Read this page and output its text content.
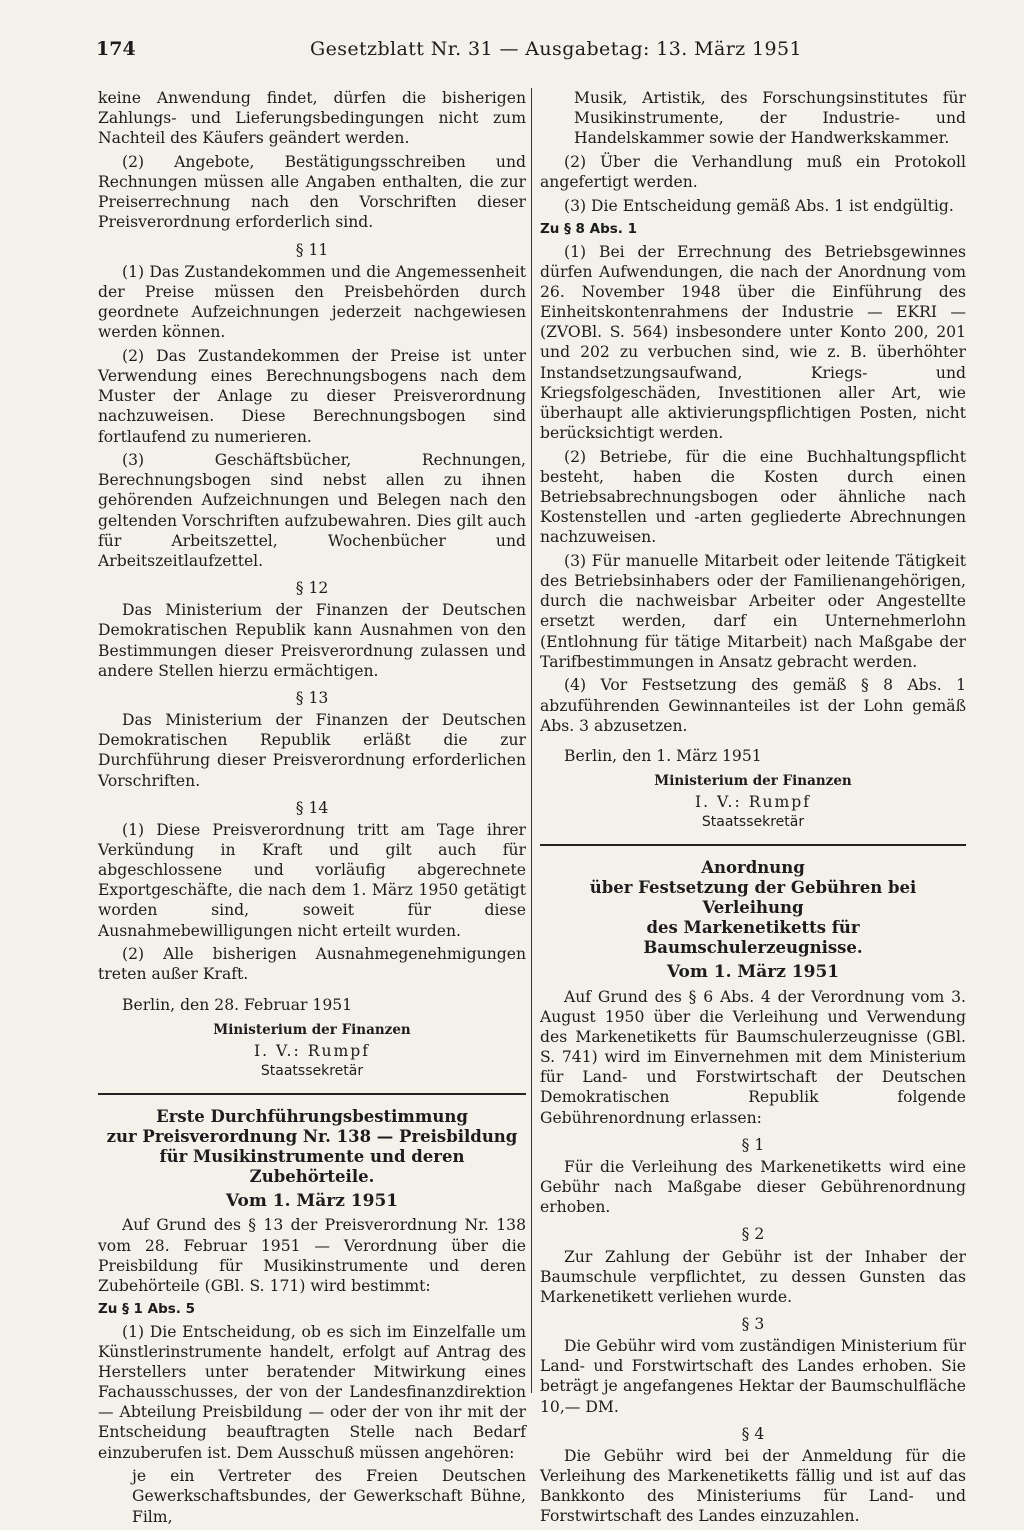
174	Gesetzblatt Nr. 31 — Ausgabetag: 13. März 1951

keine Anwendung findet, dürfen die bisherigen Zahlungs- und Lieferungsbedingungen nicht zum Nachteil des Käufers geändert werden.

(2) Angebote, Bestätigungsschreiben und Rechnungen müssen alle Angaben enthalten, die zur Preiserrechnung nach den Vorschriften dieser Preisverordnung erforderlich sind.

§ 11

(1) Das Zustandekommen und die Angemessenheit der Preise müssen den Preisbehörden durch geordnete Aufzeichnungen jederzeit nachgewiesen werden können.

(2) Das Zustandekommen der Preise ist unter Verwendung eines Berechnungsbogens nach dem Muster der Anlage zu dieser Preisverordnung nachzuweisen. Diese Berechnungsbogen sind fortlaufend zu numerieren.

(3) Geschäftsbücher, Rechnungen, Berechnungsbogen sind nebst allen zu ihnen gehörenden Aufzeichnungen und Belegen nach den geltenden Vorschriften aufzubewahren. Dies gilt auch für Arbeitszettel, Wochenbücher und Arbeitszeitlaufzettel.

§ 12

Das Ministerium der Finanzen der Deutschen Demokratischen Republik kann Ausnahmen von den Bestimmungen dieser Preisverordnung zulassen und andere Stellen hierzu ermächtigen.

§ 13

Das Ministerium der Finanzen der Deutschen Demokratischen Republik erläßt die zur Durchführung dieser Preisverordnung erforderlichen Vorschriften.

§ 14

(1) Diese Preisverordnung tritt am Tage ihrer Verkündung in Kraft und gilt auch für abgeschlossene und vorläufig abgerechnete Exportgeschäfte, die nach dem 1. März 1950 getätigt worden sind, soweit für diese Ausnahmebewilligungen nicht erteilt wurden.

(2) Alle bisherigen Ausnahmegenehmigungen treten außer Kraft.

Berlin, den 28. Februar 1951

Ministerium der Finanzen

I. V.: Rumpf

Staatssekretär

Erste Durchführungsbestimmung
zur Preisverordnung Nr. 138 — Preisbildung
für Musikinstrumente und deren Zubehörteile.

Vom 1. März 1951

Auf Grund des § 13 der Preisverordnung Nr. 138 vom 28. Februar 1951 — Verordnung über die Preisbildung für Musikinstrumente und deren Zubehörteile (GBl. S. 171) wird bestimmt:

Zu § 1 Abs. 5

(1) Die Entscheidung, ob es sich im Einzelfalle um Künstlerinstrumente handelt, erfolgt auf Antrag des Herstellers unter beratender Mitwirkung eines Fachausschusses, der von der Landesfinanzdirektion — Abteilung Preisbildung — oder der von ihr mit der Entscheidung beauftragten Stelle nach Bedarf einzuberufen ist. Dem Ausschuß müssen angehören:

je ein Vertreter des Freien Deutschen Gewerkschaftsbundes, der Gewerkschaft Bühne, Film,

Musik, Artistik, des Forschungsinstitutes für Musikinstrumente, der Industrie- und Handelskammer sowie der Handwerkskammer.

(2) Über die Verhandlung muß ein Protokoll angefertigt werden.

(3) Die Entscheidung gemäß Abs. 1 ist endgültig.

Zu § 8 Abs. 1

(1) Bei der Errechnung des Betriebsgewinnes dürfen Aufwendungen, die nach der Anordnung vom 26. November 1948 über die Einführung des Einheitskontenrahmens der Industrie — EKRI — (ZVOBl. S. 564) insbesondere unter Konto 200, 201 und 202 zu verbuchen sind, wie z. B. überhöhter Instandsetzungsaufwand, Kriegs- und Kriegsfolgeschäden, Investitionen aller Art, wie überhaupt alle aktivierungspflichtigen Posten, nicht berücksichtigt werden.

(2) Betriebe, für die eine Buchhaltungspflicht besteht, haben die Kosten durch einen Betriebsabrechnungsbogen oder ähnliche nach Kostenstellen und -arten gegliederte Abrechnungen nachzuweisen.

(3) Für manuelle Mitarbeit oder leitende Tätigkeit des Betriebsinhabers oder der Familienangehörigen, durch die nachweisbar Arbeiter oder Angestellte ersetzt werden, darf ein Unternehmerlohn (Entlohnung für tätige Mitarbeit) nach Maßgabe der Tarifbestimmungen in Ansatz gebracht werden.

(4) Vor Festsetzung des gemäß § 8 Abs. 1 abzuführenden Gewinnanteiles ist der Lohn gemäß Abs. 3 abzusetzen.

Berlin, den 1. März 1951

Ministerium der Finanzen

I. V.: Rumpf

Staatssekretär

Anordnung
über Festsetzung der Gebühren bei Verleihung
des Markenetiketts für Baumschulerzeugnisse.

Vom 1. März 1951

Auf Grund des § 6 Abs. 4 der Verordnung vom 3. August 1950 über die Verleihung und Verwendung des Markenetiketts für Baumschulerzeugnisse (GBl. S. 741) wird im Einvernehmen mit dem Ministerium für Land- und Forstwirtschaft der Deutschen Demokratischen Republik folgende Gebührenordnung erlassen:

§ 1

Für die Verleihung des Markenetiketts wird eine Gebühr nach Maßgabe dieser Gebührenordnung erhoben.

§ 2

Zur Zahlung der Gebühr ist der Inhaber der Baumschule verpflichtet, zu dessen Gunsten das Markenetikett verliehen wurde.

§ 3

Die Gebühr wird vom zuständigen Ministerium für Land- und Forstwirtschaft des Landes erhoben. Sie beträgt je angefangenes Hektar der Baumschulfläche 10,— DM.

§ 4

Die Gebühr wird bei der Anmeldung für die Verleihung des Markenetiketts fällig und ist auf das Bankkonto des Ministeriums für Land- und Forstwirtschaft des Landes einzuzahlen.
